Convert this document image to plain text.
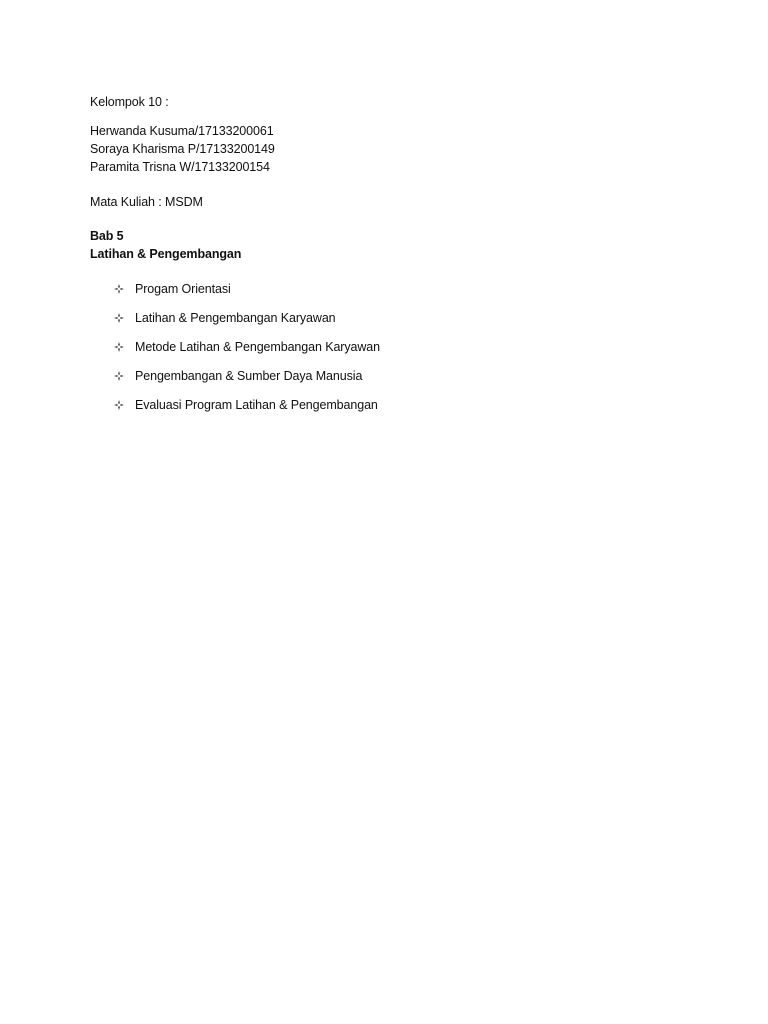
Kelompok 10 :
Herwanda Kusuma/17133200061
Soraya Kharisma P/17133200149
Paramita Trisna W/17133200154
Mata Kuliah : MSDM
Bab 5
Latihan & Pengembangan
Progam Orientasi
Latihan & Pengembangan Karyawan
Metode Latihan & Pengembangan Karyawan
Pengembangan & Sumber Daya Manusia
Evaluasi Program Latihan & Pengembangan
